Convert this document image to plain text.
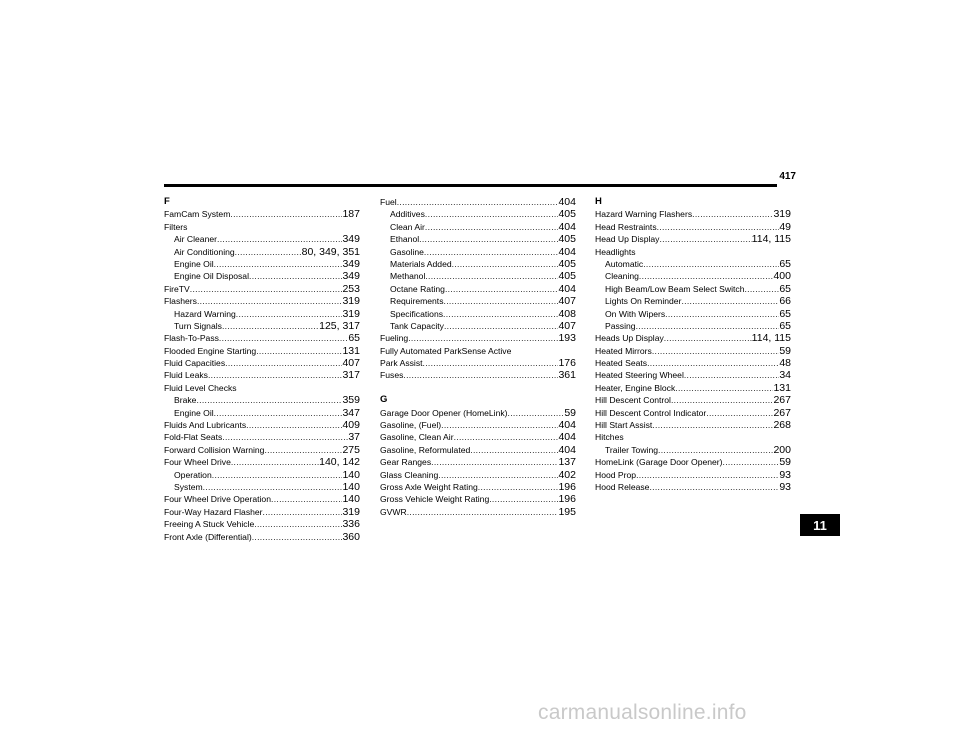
417
F
FamCam System .....	187
Filters
Air Cleaner .....	349
Air Conditioning .....	80, 349, 351
Engine Oil .....	349
Engine Oil Disposal .....	349
FireTV .....	253
Flashers .....	319
Hazard Warning .....	319
Turn Signals .....	125, 317
Flash-To-Pass .....	65
Flooded Engine Starting .....	131
Fluid Capacities .....	407
Fluid Leaks .....	317
Fluid Level Checks
Brake .....	359
Engine Oil .....	347
Fluids And Lubricants .....	409
Fold-Flat Seats .....	37
Forward Collision Warning .....	275
Four Wheel Drive .....	140, 142
Operation .....	140
System .....	140
Four Wheel Drive Operation .....	140
Four-Way Hazard Flasher .....	319
Freeing A Stuck Vehicle .....	336
Front Axle (Differential) .....	360
Fuel .....	404
Additives .....	405
Clean Air .....	404
Ethanol .....	405
Gasoline .....	404
Materials Added .....	405
Methanol .....	405
Octane Rating .....	404
Requirements .....	407
Specifications .....	408
Tank Capacity .....	407
Fueling .....	193
Fully Automated ParkSense Active
Park Assist .....	176
Fuses .....	361
G
Garage Door Opener (HomeLink) .....	59
Gasoline, (Fuel) .....	404
Gasoline, Clean Air .....	404
Gasoline, Reformulated .....	404
Gear Ranges .....	137
Glass Cleaning .....	402
Gross Axle Weight Rating .....	196
Gross Vehicle Weight Rating .....	196
GVWR .....	195
H
Hazard Warning Flashers .....	319
Head Restraints .....	49
Head Up Display .....	114, 115
Headlights
Automatic .....	65
Cleaning .....	400
High Beam/Low Beam Select Switch .....	65
Lights On Reminder .....	66
On With Wipers .....	65
Passing .....	65
Heads Up Display .....	114, 115
Heated Mirrors .....	59
Heated Seats .....	48
Heated Steering Wheel .....	34
Heater, Engine Block .....	131
Hill Descent Control .....	267
Hill Descent Control Indicator .....	267
Hill Start Assist .....	268
Hitches
Trailer Towing .....	200
HomeLink (Garage Door Opener) .....	59
Hood Prop .....	93
Hood Release .....	93
11
carmanualsonline.info
